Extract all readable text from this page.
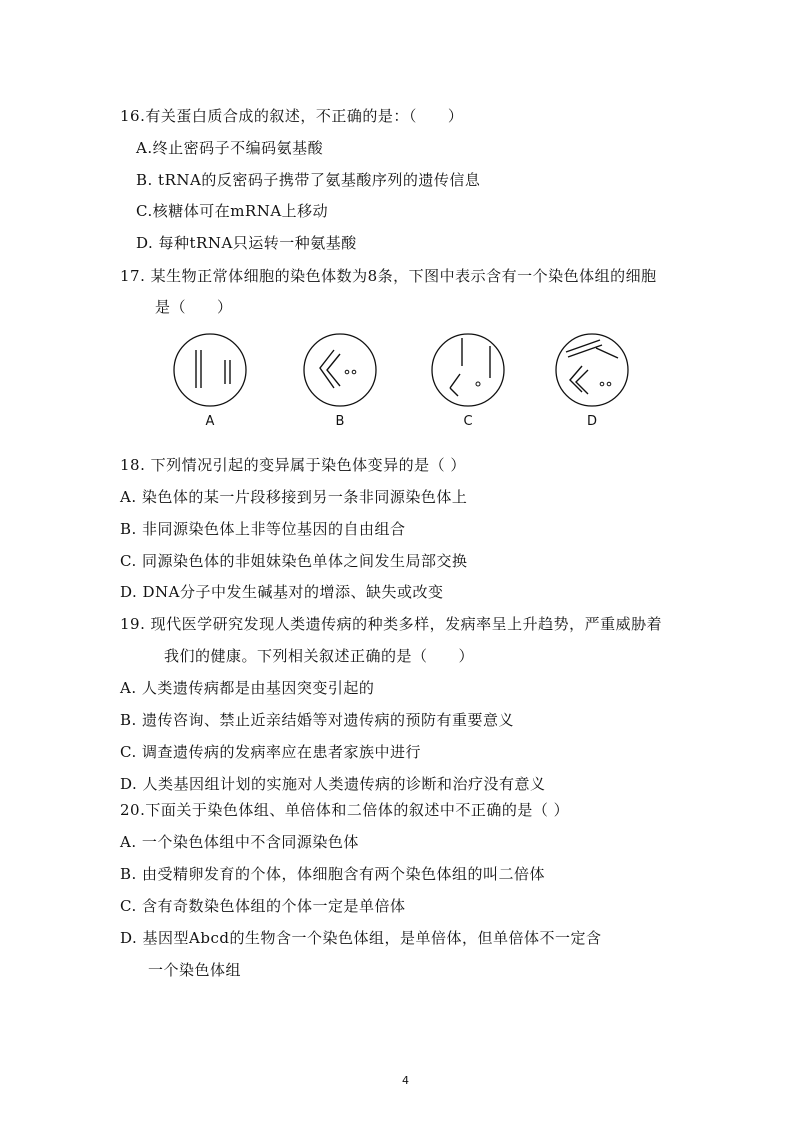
16.有关蛋白质合成的叙述，不正确的是：（　　）
A.终止密码子不编码氨基酸
B. tRNA的反密码子携带了氨基酸序列的遗传信息
C.核糖体可在mRNA上移动
D. 每种tRNA只运转一种氨基酸
17. 某生物正常体细胞的染色体数为8条，下图中表示含有一个染色体组的细胞
是（　　）
A	B	C	D
18. 下列情况引起的变异属于染色体变异的是（ ）
A. 染色体的某一片段移接到另一条非同源染色体上
B. 非同源染色体上非等位基因的自由组合
C. 同源染色体的非姐妹染色单体之间发生局部交换
D. DNA分子中发生碱基对的增添、缺失或改变
19. 现代医学研究发现人类遗传病的种类多样，发病率呈上升趋势，严重威胁着
我们的健康。下列相关叙述正确的是（　　）
A. 人类遗传病都是由基因突变引起的
B. 遗传咨询、禁止近亲结婚等对遗传病的预防有重要意义
C. 调查遗传病的发病率应在患者家族中进行
D. 人类基因组计划的实施对人类遗传病的诊断和治疗没有意义
20.下面关于染色体组、单倍体和二倍体的叙述中不正确的是（ ）
A. 一个染色体组中不含同源染色体
B. 由受精卵发育的个体，体细胞含有两个染色体组的叫二倍体
C. 含有奇数染色体组的个体一定是单倍体
D. 基因型Abcd的生物含一个染色体组，是单倍体，但单倍体不一定含
一个染色体组
4
